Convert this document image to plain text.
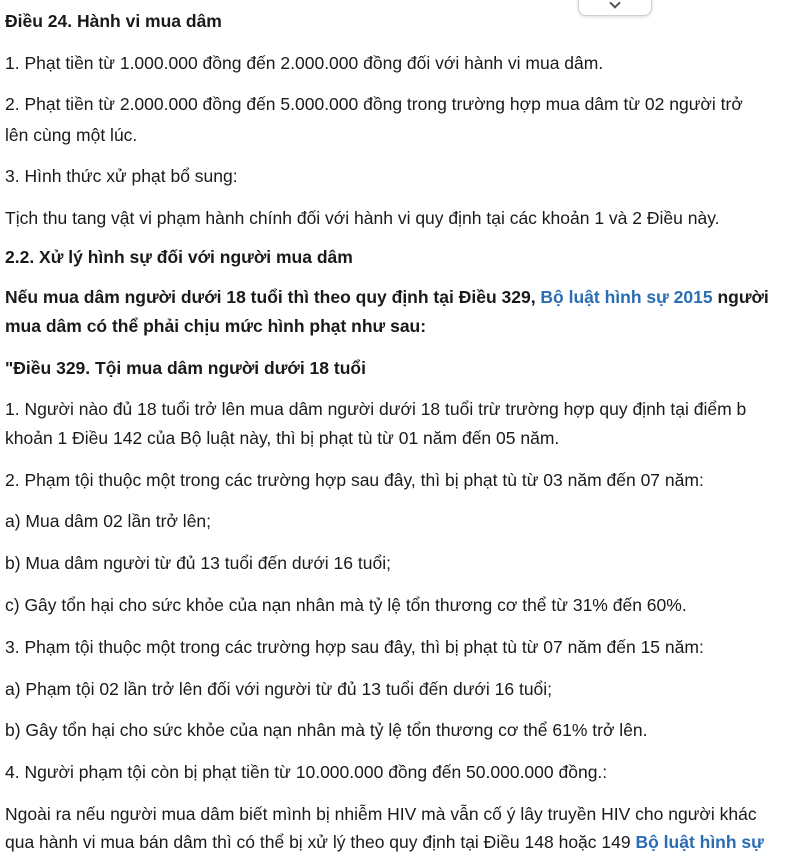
Điều 24. Hành vi mua dâm

1. Phạt tiền từ 1.000.000 đồng đến 2.000.000 đồng đối với hành vi mua dâm.

2. Phạt tiền từ 2.000.000 đồng đến 5.000.000 đồng trong trường hợp mua dâm từ 02 người trở

lên cùng một lúc.

3. Hình thức xử phạt bổ sung:

Tịch thu tang vật vi phạm hành chính đối với hành vi quy định tại các khoản 1 và 2 Điều này.

2.2. Xử lý hình sự đối với người mua dâm

Nếu mua dâm người dưới 18 tuổi thì theo quy định tại Điều 329, Bộ luật hình sự 2015 người

mua dâm có thể phải chịu mức hình phạt như sau:

"Điều 329. Tội mua dâm người dưới 18 tuổi

1. Người nào đủ 18 tuổi trở lên mua dâm người dưới 18 tuổi trừ trường hợp quy định tại điểm b

khoản 1 Điều 142 của Bộ luật này, thì bị phạt tù từ 01 năm đến 05 năm.

2. Phạm tội thuộc một trong các trường hợp sau đây, thì bị phạt tù từ 03 năm đến 07 năm:

a) Mua dâm 02 lần trở lên;

b) Mua dâm người từ đủ 13 tuổi đến dưới 16 tuổi;

c) Gây tổn hại cho sức khỏe của nạn nhân mà tỷ lệ tổn thương cơ thể từ 31% đến 60%.

3. Phạm tội thuộc một trong các trường hợp sau đây, thì bị phạt tù từ 07 năm đến 15 năm:

a) Phạm tội 02 lần trở lên đối với người từ đủ 13 tuổi đến dưới 16 tuổi;

b) Gây tổn hại cho sức khỏe của nạn nhân mà tỷ lệ tổn thương cơ thể 61% trở lên.

4. Người phạm tội còn bị phạt tiền từ 10.000.000 đồng đến 50.000.000 đồng.:

Ngoài ra nếu người mua dâm biết mình bị nhiễm HIV mà vẫn cố ý lây truyền HIV cho người khác

qua hành vi mua bán dâm thì có thể bị xử lý theo quy định tại Điều 148 hoặc 149 Bộ luật hình sự
